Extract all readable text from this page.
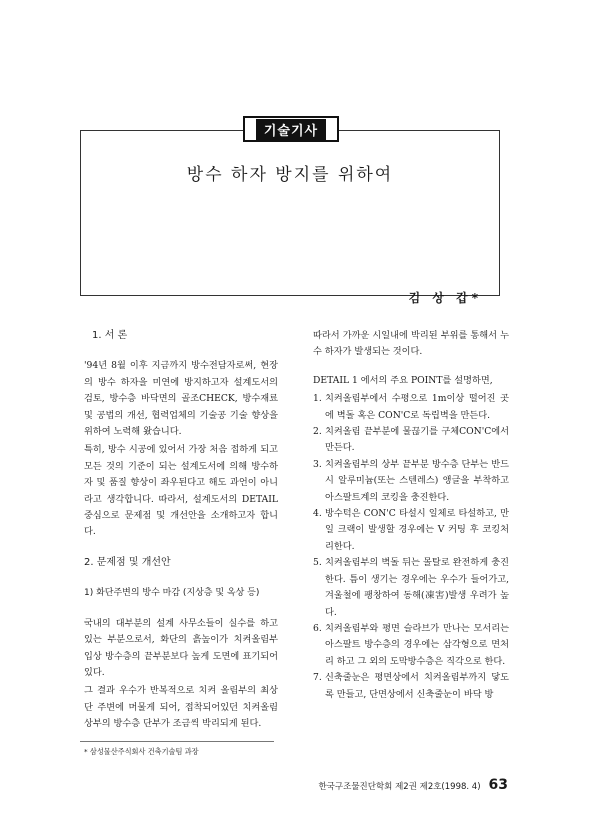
기술기사
방수 하자 방지를 위하여
김 상 갑*
1. 서 론

'94년 8월 이후 지금까지 방수전담자로써, 현장의 방수 하자을 미연에 방지하고자 설계도서의 검토, 방수층 바닥면의 골조CHECK, 방수재료 및 공법의 개선, 협력업체의 기술공 기술 향상을 위하여 노력해 왔습니다.

특히, 방수 시공에 있어서 가장 처음 접하게 되고 모든 것의 기준이 되는 설계도서에 의해 방수하자 및 품질 향상이 좌우된다고 해도 과언이 아니라고 생각합니다. 따라서, 설계도서의 DETAIL 중심으로 문제점 및 개선안을 소개하고자 합니다.

2. 문제점 및 개선안
1) 화단주변의 방수 마감 (지상층 및 옥상 등)

국내의 대부분의 설계 사무소들이 실수를 하고 있는 부분으로서, 화단의 흙높이가 치켜올림부 입상 방수층의 끝부분보다 높게 도면에 표기되어 있다.

그 결과 우수가 반복적으로 치켜 올림부의 최상단 주변에 머물게 되어, 접착되어있던 치켜올림 상부의 방수층 단부가 조금씩 박리되게 된다.

따라서 가까운 시일내에 박리된 부위를 통해서 누수 하자가 발생되는 것이다.

DETAIL 1 에서의 주요 POINT를 설명하면,

1. 치켜올림부에서 수평으로 1m이상 떨어진 곳에 벽돌 혹은 CON'C로 독립벽을 만든다.
2. 치켜올림 끝부분에 물끊기를 구체CON'C에서 만든다.
3. 치켜올림부의 상부 끝부분 방수층 단부는 반드시 알루미늄(또는 스텐레스) 앵글을 부착하고 아스팔트계의 코킹을 충진한다.
4. 방수턱은 CON'C 타설시 일체로 타설하고, 만일 크랙이 발생할 경우에는 V 커팅 후 코킹처리한다.
5. 치켜올림부의 벽돌 뒤는 몰탈로 완전하게 충진한다. 틈이 생기는 경우에는 우수가 들어가고, 겨울철에 팽창하여 동해(凍害)발생 우려가 높다.
6. 치켜올림부와 평면 슬라브가 만나는 모서리는 아스팔트 방수층의 경우에는 삼각형으로 면처리 하고 그 외의 도막방수층은 직각으로 한다.
7. 신축줄눈은 평면상에서 치켜올림부까지 닿도록 만들고, 단면상에서 신축줄눈이 바닥 방
* 삼성물산주식회사 건축기술팀 과장
한국구조물진단학회 제2권 제2호(1998. 4) 63
